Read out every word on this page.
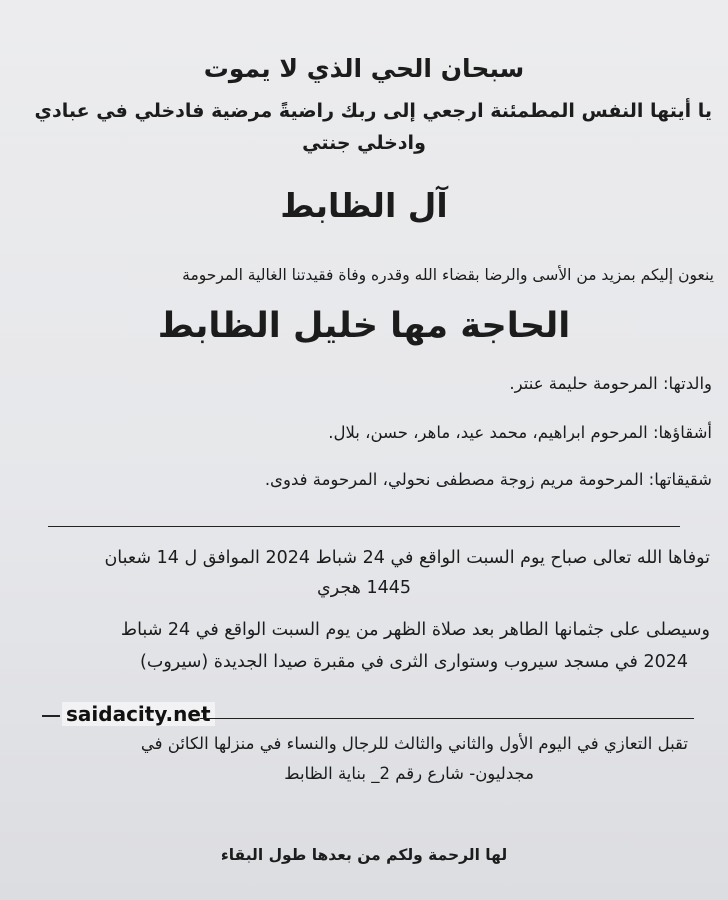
سبحان الحي الذي لا يموت
يا أيتها النفس المطمئنة ارجعي إلى ربك راضيةً مرضية فادخلي في عبادي
وادخلي جنتي
آل الظابط
ينعون إليكم بمزيد من الأسى والرضا بقضاء الله وقدره وفاة فقيدتنا الغالية المرحومة
الحاجة مها خليل الظابط
والدتها: المرحومة حليمة عنتر.
أشقاؤها: المرحوم ابراهيم، محمد عيد، ماهر، حسن، بلال.
شقيقاتها: المرحومة مريم زوجة مصطفى نحولي، المرحومة فدوى.
توفاها الله تعالى صباح يوم السبت الواقع في 24 شباط 2024 الموافق ل 14 شعبان
1445 هجري
وسيصلى على جثمانها الطاهر بعد صلاة الظهر من يوم السبت الواقع في 24 شباط
2024 في مسجد سيروب وستوارى الثرى في مقبرة صيدا الجديدة (سيروب)
saidacity.net
تقبل التعازي في اليوم الأول والثاني والثالث للرجال والنساء في منزلها الكائن في
مجدليون- شارع رقم 2_ بناية الظابط
لها الرحمة ولكم من بعدها طول البقاء
